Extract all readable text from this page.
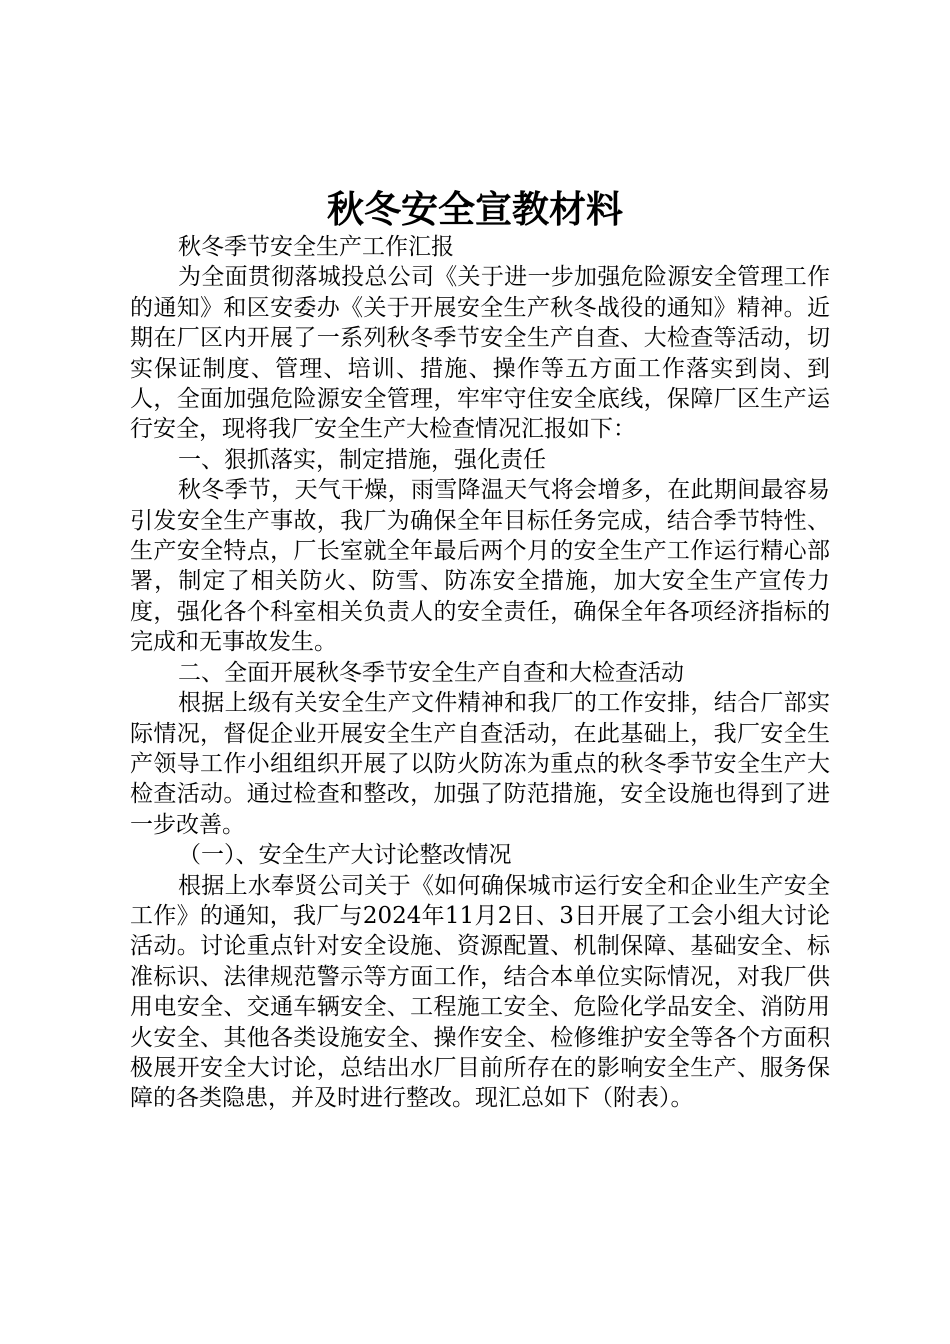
秋冬安全宣教材料

秋冬季节安全生产工作汇报

为全面贯彻落城投总公司《关于进一步加强危险源安全管理工作的通知》和区安委办《关于开展安全生产秋冬战役的通知》精神。近期在厂区内开展了一系列秋冬季节安全生产自查、大检查等活动，切实保证制度、管理、培训、措施、操作等五方面工作落实到岗、到人，全面加强危险源安全管理，牢牢守住安全底线，保障厂区生产运行安全，现将我厂安全生产大检查情况汇报如下：

一、狠抓落实，制定措施，强化责任

秋冬季节，天气干燥，雨雪降温天气将会增多，在此期间最容易引发安全生产事故，我厂为确保全年目标任务完成，结合季节特性、生产安全特点，厂长室就全年最后两个月的安全生产工作运行精心部署，制定了相关防火、防雪、防冻安全措施，加大安全生产宣传力度，强化各个科室相关负责人的安全责任，确保全年各项经济指标的完成和无事故发生。

二、全面开展秋冬季节安全生产自查和大检查活动

根据上级有关安全生产文件精神和我厂的工作安排，结合厂部实际情况，督促企业开展安全生产自查活动，在此基础上，我厂安全生产领导工作小组组织开展了以防火防冻为重点的秋冬季节安全生产大检查活动。通过检查和整改，加强了防范措施，安全设施也得到了进一步改善。

（一）、安全生产大讨论整改情况

根据上水奉贤公司关于《如何确保城市运行安全和企业生产安全工作》的通知，我厂与2024年11月2日、3日开展了工会小组大讨论活动。讨论重点针对安全设施、资源配置、机制保障、基础安全、标准标识、法律规范警示等方面工作，结合本单位实际情况，对我厂供用电安全、交通车辆安全、工程施工安全、危险化学品安全、消防用火安全、其他各类设施安全、操作安全、检修维护安全等各个方面积极展开安全大讨论，总结出水厂目前所存在的影响安全生产、服务保障的各类隐患，并及时进行整改。现汇总如下（附表）。
